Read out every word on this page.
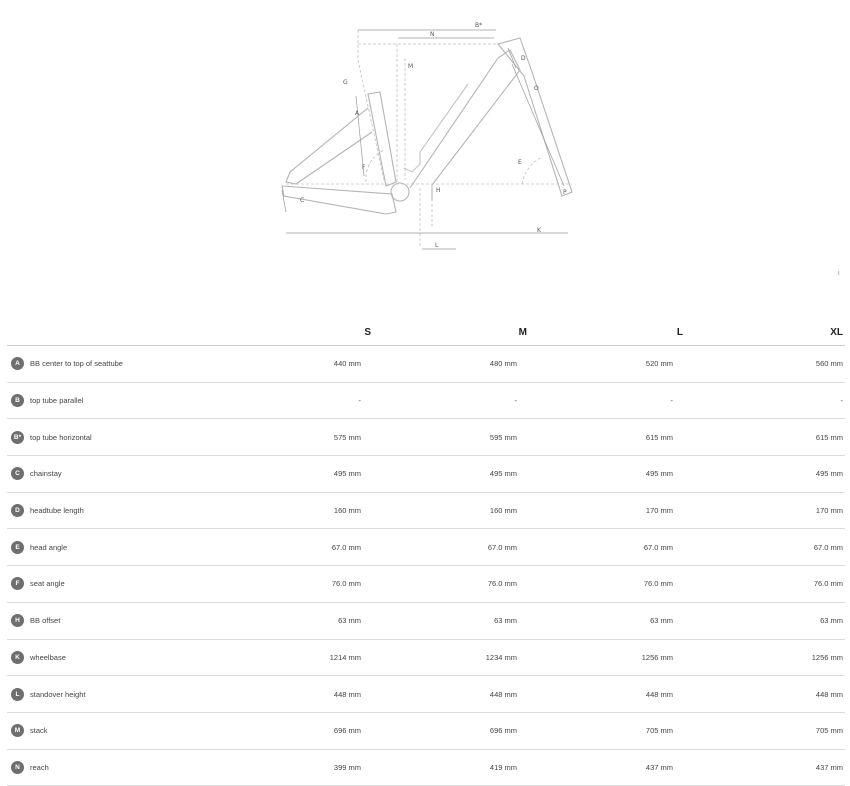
B*
N
M
G
A
D
O
F
E
H	P
C
K
L
i
	S	M	L	XL
A BB center to top of seattube	440 mm	480 mm	520 mm	560 mm
B top tube parallel	-	-	-	-
B* top tube horizontal	575 mm	595 mm	615 mm	615 mm
C chainstay	495 mm	495 mm	495 mm	495 mm
D headtube length	160 mm	160 mm	170 mm	170 mm
E head angle	67.0 mm	67.0 mm	67.0 mm	67.0 mm
F seat angle	76.0 mm	76.0 mm	76.0 mm	76.0 mm
H BB offset	63 mm	63 mm	63 mm	63 mm
K wheelbase	1214 mm	1234 mm	1256 mm	1256 mm
L standover height	448 mm	448 mm	448 mm	448 mm
M stack	696 mm	696 mm	705 mm	705 mm
N reach	399 mm	419 mm	437 mm	437 mm
